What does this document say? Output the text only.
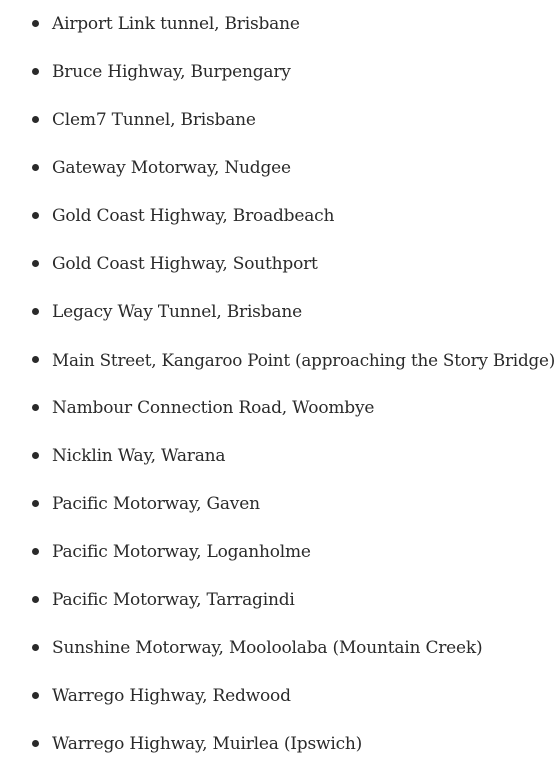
Airport Link tunnel, Brisbane
Bruce Highway, Burpengary
Clem7 Tunnel, Brisbane
Gateway Motorway, Nudgee
Gold Coast Highway, Broadbeach
Gold Coast Highway, Southport
Legacy Way Tunnel, Brisbane
Main Street, Kangaroo Point (approaching the Story Bridge)
Nambour Connection Road, Woombye
Nicklin Way, Warana
Pacific Motorway, Gaven
Pacific Motorway, Loganholme
Pacific Motorway, Tarragindi
Sunshine Motorway, Mooloolaba (Mountain Creek)
Warrego Highway, Redwood
Warrego Highway, Muirlea (Ipswich)
